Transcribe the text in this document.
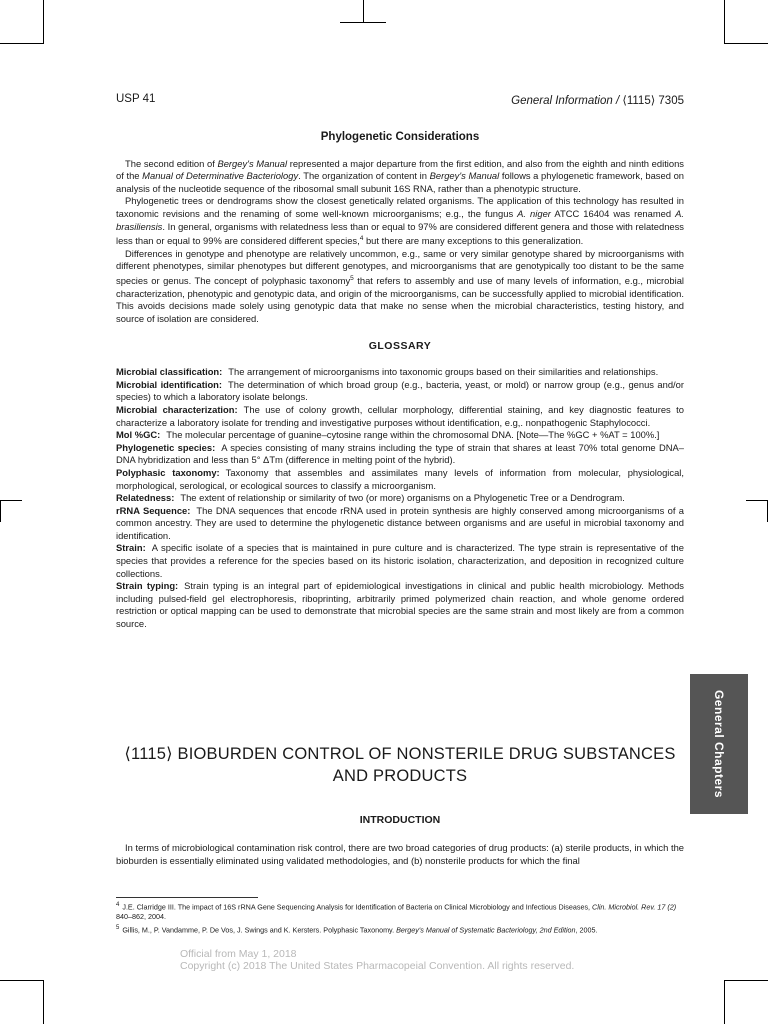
USP 41	General Information / ⟨1115⟩ 7305
Phylogenetic Considerations

The second edition of Bergey's Manual represented a major departure from the first edition, and also from the eighth and ninth editions of the Manual of Determinative Bacteriology. The organization of content in Bergey's Manual follows a phylogenetic framework, based on analysis of the nucleotide sequence of the ribosomal small subunit 16S RNA, rather than a phenotypic structure.

Phylogenetic trees or dendrograms show the closest genetically related organisms. The application of this technology has resulted in taxonomic revisions and the renaming of some well-known microorganisms; e.g., the fungus A. niger ATCC 16404 was renamed A. brasiliensis. In general, organisms with relatedness less than or equal to 97% are considered different genera and those with relatedness less than or equal to 99% are considered different species,$^4$ but there are many exceptions to this generalization.

Differences in genotype and phenotype are relatively uncommon, e.g., same or very similar genotype shared by microorganisms with different phenotypes, similar phenotypes but different genotypes, and microorganisms that are genotypically too distant to be the same species or genus. The concept of polyphasic taxonomy$^5$ that refers to assembly and use of many levels of information, e.g., microbial characterization, phenotypic and genotypic data, and origin of the microorganisms, can be successfully applied to microbial identification. This avoids decisions made solely using genotypic data that make no sense when the microbial characteristics, testing history, and source of isolation are considered.

GLOSSARY

Microbial classification: The arrangement of microorganisms into taxonomic groups based on their similarities and relationships.

Microbial identification: The determination of which broad group (e.g., bacteria, yeast, or mold) or narrow group (e.g., genus and/or species) to which a laboratory isolate belongs.

Microbial characterization: The use of colony growth, cellular morphology, differential staining, and key diagnostic features to characterize a laboratory isolate for trending and investigative purposes without identification, e.g,. nonpathogenic Staphylococci.

Mol %GC: The molecular percentage of guanine–cytosine range within the chromosomal DNA. [Note—The %GC + %AT = 100%.]

Phylogenetic species: A species consisting of many strains including the type of strain that shares at least 70% total genome DNA–DNA hybridization and less than 5° ΔTm (difference in melting point of the hybrid).

Polyphasic taxonomy: Taxonomy that assembles and assimilates many levels of information from molecular, physiological, morphological, serological, or ecological sources to classify a microorganism.

Relatedness: The extent of relationship or similarity of two (or more) organisms on a Phylogenetic Tree or a Dendrogram.

rRNA Sequence: The DNA sequences that encode rRNA used in protein synthesis are highly conserved among microorganisms of a common ancestry. They are used to determine the phylogenetic distance between organisms and are useful in microbial taxonomy and identification.

Strain: A specific isolate of a species that is maintained in pure culture and is characterized. The type strain is representative of the species that provides a reference for the species based on its historic isolation, characterization, and deposition in recognized culture collections.

Strain typing: Strain typing is an integral part of epidemiological investigations in clinical and public health microbiology. Methods including pulsed-field gel electrophoresis, riboprinting, arbitrarily primed polymerized chain reaction, and whole genome ordered restriction or optical mapping can be used to demonstrate that microbial species are the same strain and most likely are from a common source.

General Chapters
⟨1115⟩ BIOBURDEN CONTROL OF NONSTERILE DRUG SUBSTANCES
AND PRODUCTS
INTRODUCTION
In terms of microbiological contamination risk control, there are two broad categories of drug products: (a) sterile products, in which the bioburden is essentially eliminated using validated methodologies, and (b) nonsterile products for which the final

$^4$ J.E. Clarridge III. The impact of 16S rRNA Gene Sequencing Analysis for Identification of Bacteria on Clinical Microbiology and Infectious Diseases, Clin. Microbiol. Rev. 17 (2) 840–862, 2004.

$^5$ Gillis, M., P. Vandamme, P. De Vos, J. Swings and K. Kersters. Polyphasic Taxonomy. Bergey's Manual of Systematic Bacteriology, 2nd Edition, 2005.

Official from May 1, 2018
Copyright (c) 2018 The United States Pharmacopeial Convention. All rights reserved.
